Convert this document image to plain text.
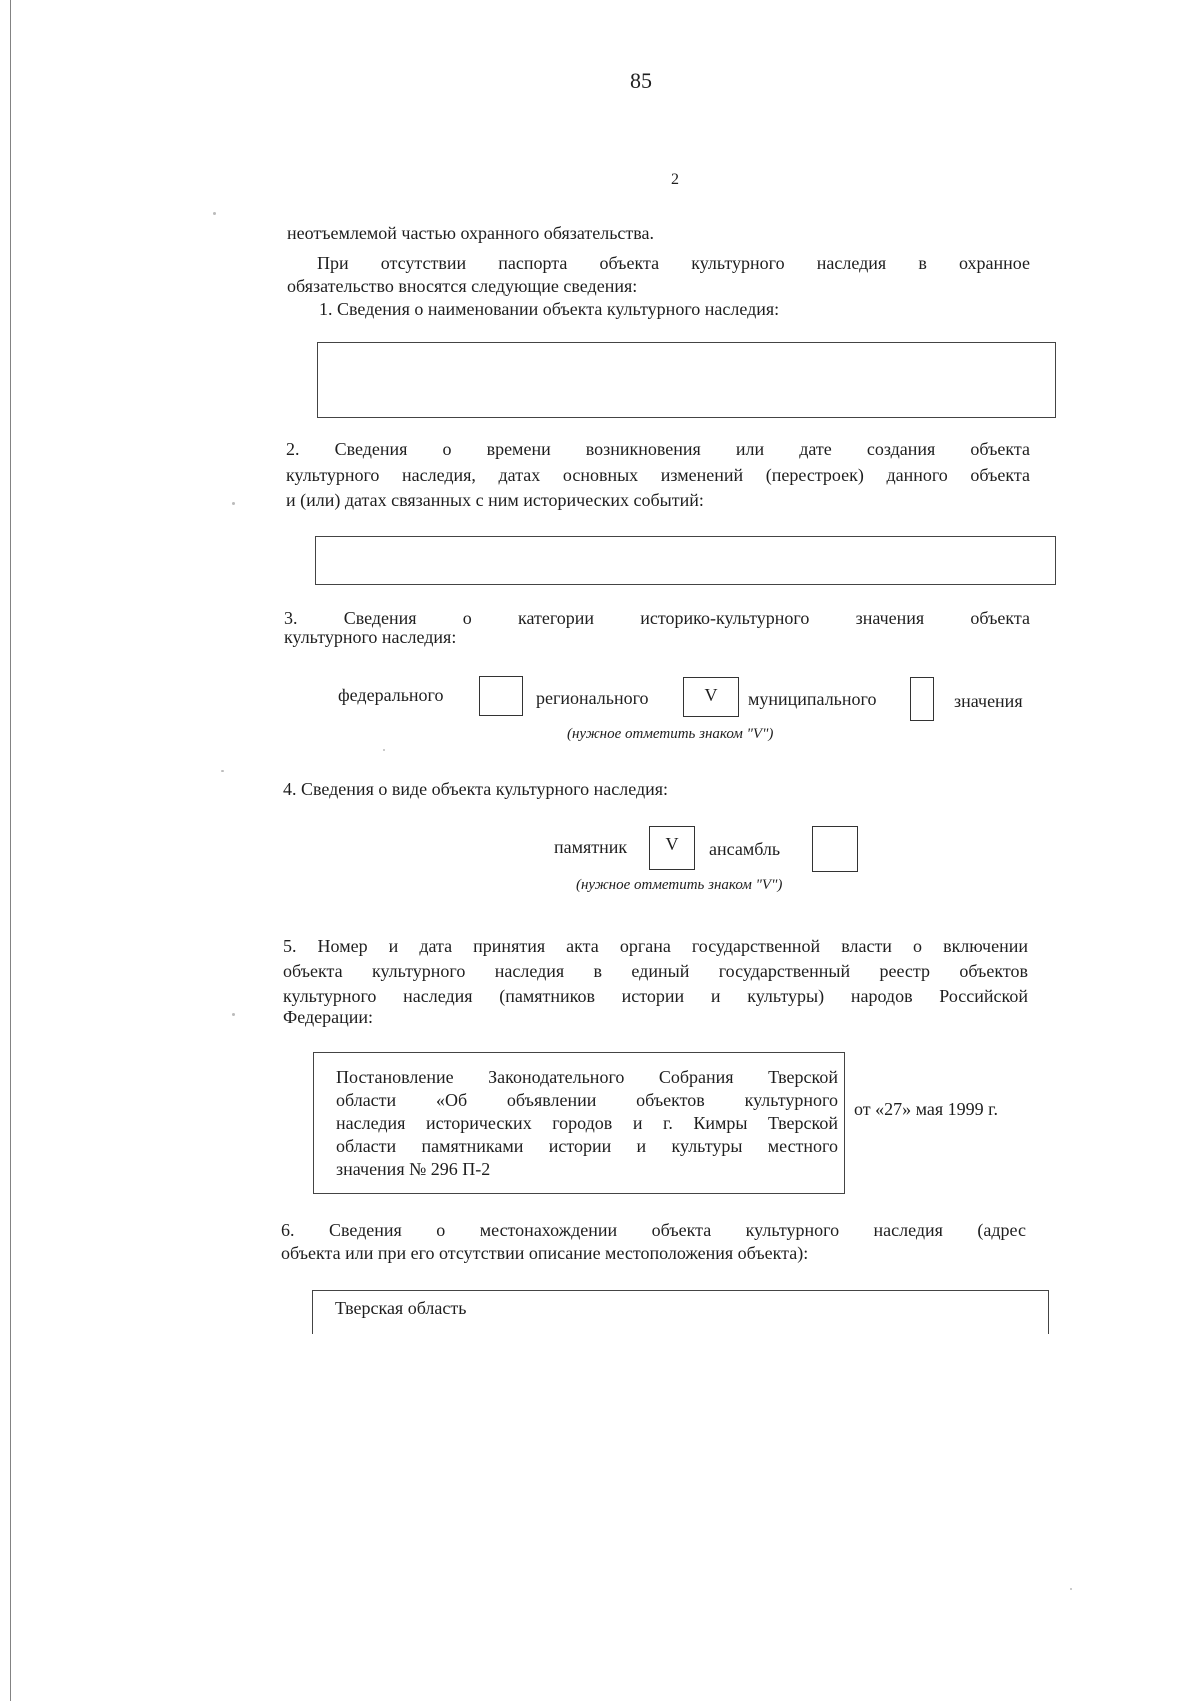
85
2
неотъемлемой частью охранного обязательства.
При отсутствии паспорта объекта культурного наследия в охранное
обязательство вносятся следующие сведения:
1. Сведения о наименовании объекта культурного наследия:
2. Сведения о времени возникновения или дате создания объекта
культурного наследия, датах основных изменений (перестроек) данного объекта
и (или) датах связанных с ним исторических событий:
3. Сведения о категории историко-культурного значения объекта
культурного наследия:
федерального	регионального	V	муниципального	значения
(нужное отметить знаком "V")
4. Сведения о виде объекта культурного наследия:
памятник	V	ансамбль
(нужное отметить знаком "V")
5. Номер и дата принятия акта органа государственной власти о включении
объекта культурного наследия в единый государственный реестр объектов
культурного наследия (памятников истории и культуры) народов Российской
Федерации:
Постановление Законодательного Собрания Тверской
области «Об объявлении объектов культурного
наследия исторических городов и г. Кимры Тверской
области памятниками истории и культуры местного
значения № 296 П-2
от «27» мая 1999 г.
6. Сведения о местонахождении объекта культурного наследия (адрес
объекта или при его отсутствии описание местоположения объекта):
Тверская область
